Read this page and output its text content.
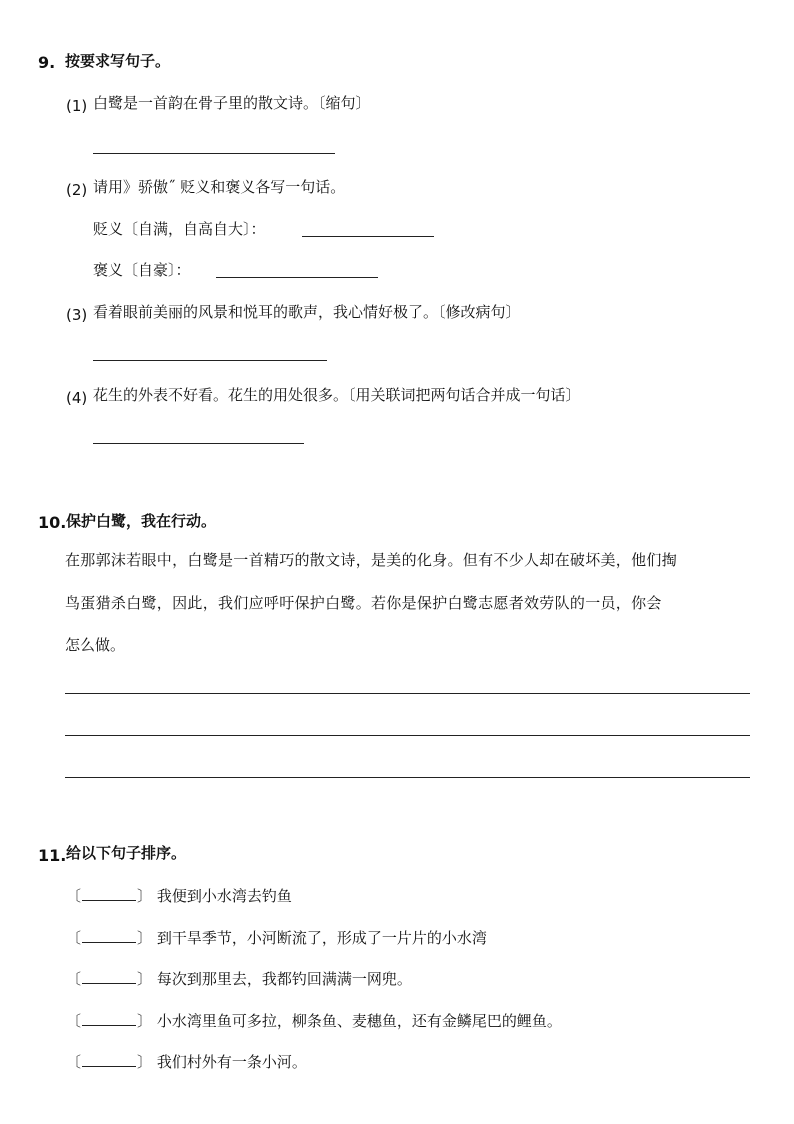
9. 按要求写句子。
(1) 白鹭是一首韵在骨子里的散文诗。〔缩句〕
(2) 请用》骄傲˝ 贬义和褒义各写一句话。
贬义〔自满，自高自大〕：
褒义〔自豪〕：
(3) 看着眼前美丽的风景和悦耳的歌声，我心情好极了。〔修改病句〕
(4) 花生的外表不好看。花生的用处很多。〔用关联词把两句话合并成一句话〕
10. 保护白鹭，我在行动。
在那郭沫若眼中，白鹭是一首精巧的散文诗，是美的化身。但有不少人却在破坏美，他们掏
鸟蛋猎杀白鹭，因此，我们应呼吁保护白鹭。若你是保护白鹭志愿者效劳队的一员，你会
怎么做。
11. 给以下句子排序。
〔	〕 我便到小水湾去钓鱼
〔	〕 到干旱季节，小河断流了，形成了一片片的小水湾
〔	〕 每次到那里去，我都钓回满满一网兜。
〔	〕 小水湾里鱼可多拉，柳条鱼、麦穗鱼，还有金鳞尾巴的鲤鱼。
〔	〕 我们村外有一条小河。
